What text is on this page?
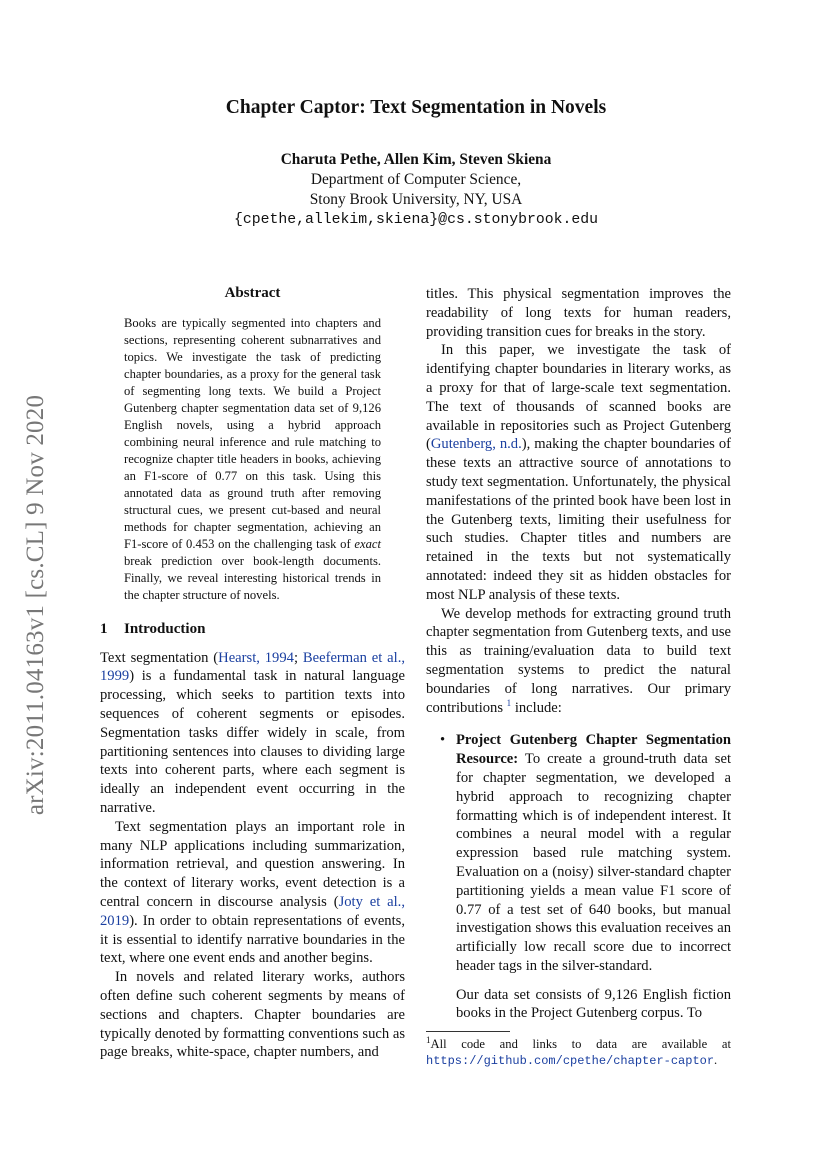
arXiv:2011.04163v1 [cs.CL] 9 Nov 2020
Chapter Captor: Text Segmentation in Novels
Charuta Pethe, Allen Kim, Steven Skiena
Department of Computer Science,
Stony Brook University, NY, USA
{cpethe,allekim,skiena}@cs.stonybrook.edu
Abstract

Books are typically segmented into chapters and sections, representing coherent subnarratives and topics. We investigate the task of predicting chapter boundaries, as a proxy for the general task of segmenting long texts. We build a Project Gutenberg chapter segmentation data set of 9,126 English novels, using a hybrid approach combining neural inference and rule matching to recognize chapter title headers in books, achieving an F1-score of 0.77 on this task. Using this annotated data as ground truth after removing structural cues, we present cut-based and neural methods for chapter segmentation, achieving an F1-score of 0.453 on the challenging task of exact break prediction over book-length documents. Finally, we reveal interesting historical trends in the chapter structure of novels.

1 Introduction

Text segmentation (Hearst, 1994; Beeferman et al., 1999) is a fundamental task in natural language processing, which seeks to partition texts into sequences of coherent segments or episodes. Segmentation tasks differ widely in scale, from partitioning sentences into clauses to dividing large texts into coherent parts, where each segment is ideally an independent event occurring in the narrative.

Text segmentation plays an important role in many NLP applications including summarization, information retrieval, and question answering. In the context of literary works, event detection is a central concern in discourse analysis (Joty et al., 2019). In order to obtain representations of events, it is essential to identify narrative boundaries in the text, where one event ends and another begins.

In novels and related literary works, authors often define such coherent segments by means of sections and chapters. Chapter boundaries are typically denoted by formatting conventions such as page breaks, white-space, chapter numbers, and

titles. This physical segmentation improves the readability of long texts for human readers, providing transition cues for breaks in the story.

In this paper, we investigate the task of identifying chapter boundaries in literary works, as a proxy for that of large-scale text segmentation. The text of thousands of scanned books are available in repositories such as Project Gutenberg (Gutenberg, n.d.), making the chapter boundaries of these texts an attractive source of annotations to study text segmentation. Unfortunately, the physical manifestations of the printed book have been lost in the Gutenberg texts, limiting their usefulness for such studies. Chapter titles and numbers are retained in the texts but not systematically annotated: indeed they sit as hidden obstacles for most NLP analysis of these texts.

We develop methods for extracting ground truth chapter segmentation from Gutenberg texts, and use this as training/evaluation data to build text segmentation systems to predict the natural boundaries of long narratives. Our primary contributions $^1$ include:

• Project Gutenberg Chapter Segmentation Resource: To create a ground-truth data set for chapter segmentation, we developed a hybrid approach to recognizing chapter formatting which is of independent interest. It combines a neural model with a regular expression based rule matching system. Evaluation on a (noisy) silver-standard chapter partitioning yields a mean value F1 score of 0.77 of a test set of 640 books, but manual investigation shows this evaluation receives an artificially low recall score due to incorrect header tags in the silver-standard.

Our data set consists of 9,126 English fiction books in the Project Gutenberg corpus. To

$^1$All code and links to data are available at https://github.com/cpethe/chapter-captor.
